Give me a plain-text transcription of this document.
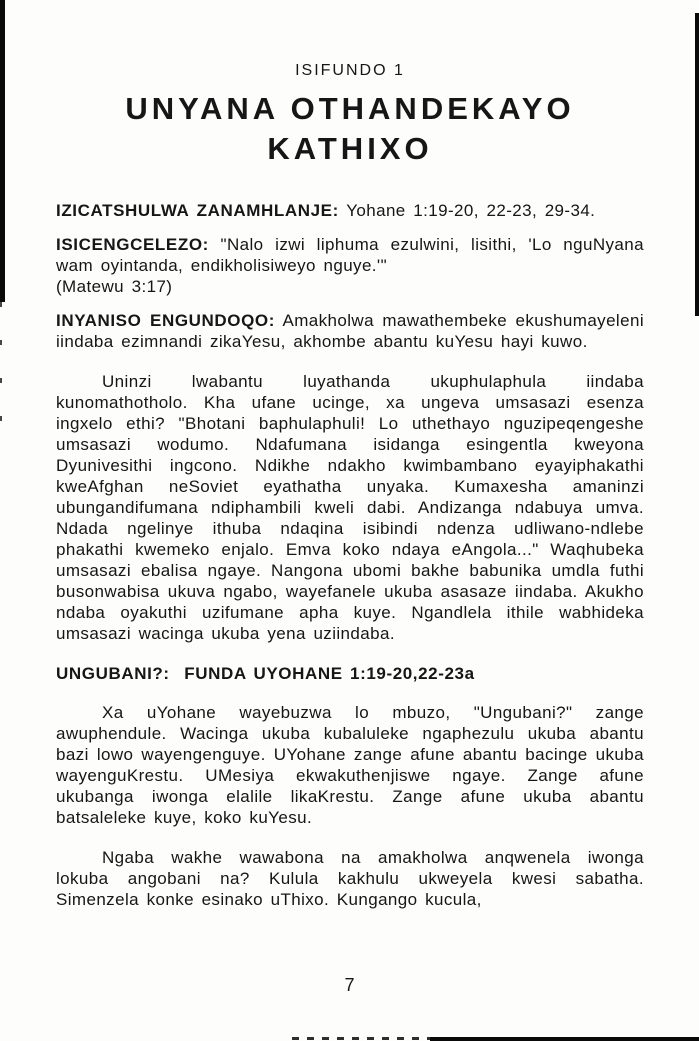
ISIFUNDO 1

UNYANA OTHANDEKAYO
KATHIXO

IZICATSHULWA ZANAMHLANJE: Yohane 1:19-20, 22-23, 29-34.

ISICENGCELEZO: "Nalo izwi liphuma ezulwini, lisithi, 'Lo nguNyana wam oyintanda, endikholisiweyo nguye.'"
(Matewu 3:17)

INYANISO ENGUNDOQO: Amakholwa mawathembeke ekushumayeleni iindaba ezimnandi zikaYesu, akhombe abantu kuYesu hayi kuwo.

Uninzi lwabantu luyathanda ukuphulaphula iindaba kunomathotholo. Kha ufane ucinge, xa ungeva umsasazi esenza ingxelo ethi? "Bhotani baphulaphuli! Lo uthethayo nguzipeqengeshe umsasazi wodumo. Ndafumana isidanga esingentla kweyona Dyunivesithi ingcono. Ndikhe ndakho kwimbambano eyayiphakathi kweAfghan neSoviet eyathatha unyaka. Kumaxesha amaninzi ubungandifumana ndiphambili kweli dabi. Andizanga ndabuya umva. Ndada ngelinye ithuba ndaqina isibindi ndenza udliwano-ndlebe phakathi kwemeko enjalo. Emva koko ndaya eAngola..." Waqhubeka umsasazi ebalisa ngaye. Nangona ubomi bakhe babunika umdla futhi busonwabisa ukuva ngabo, wayefanele ukuba asasaze iindaba. Akukho ndaba oyakuthi uzifumane apha kuye. Ngandlela ithile wabhideka umsasazi wacinga ukuba yena uziindaba.

UNGUBANI?:  FUNDA UYOHANE 1:19-20,22-23a

Xa uYohane wayebuzwa lo mbuzo, "Ungubani?" zange awuphendule. Wacinga ukuba kubaluleke ngaphezulu ukuba abantu bazi lowo wayengenguye. UYohane zange afune abantu bacinge ukuba wayenguKrestu. UMesiya ekwakuthenjiswe ngaye. Zange afune ukubanga iwonga elalile likaKrestu. Zange afune ukuba abantu batsaleleke kuye, koko kuYesu.

Ngaba wakhe wawabona na amakholwa anqwenela iwonga lokuba angobani na? Kulula kakhulu ukweyela kwesi sabatha. Simenzela konke esinako uThixo. Kungango kucula,

7
